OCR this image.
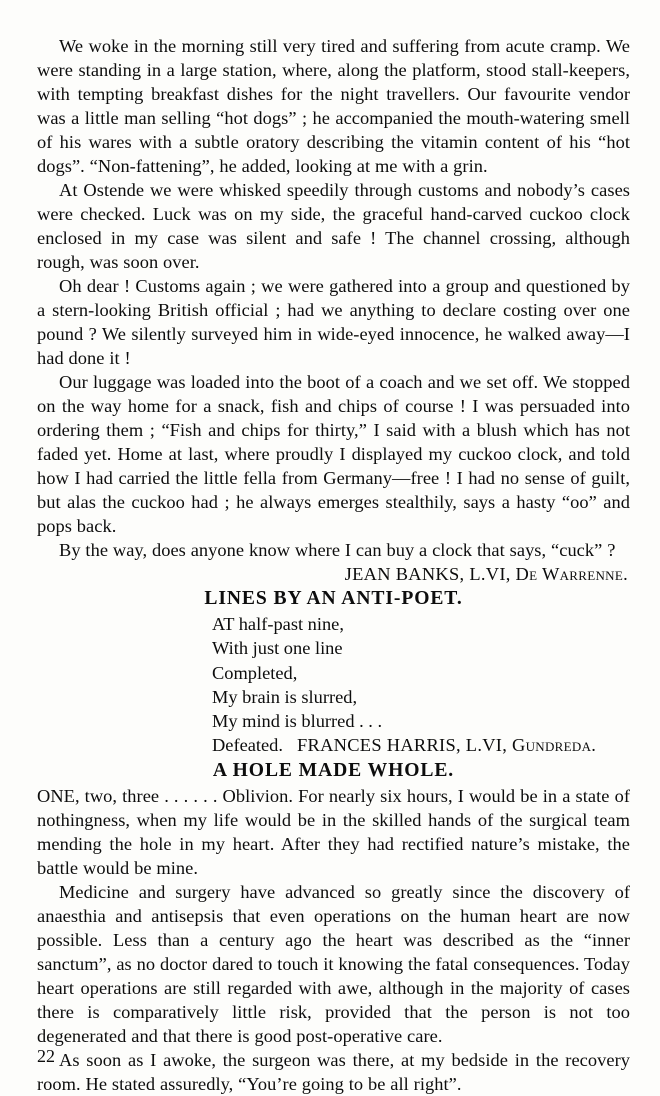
We woke in the morning still very tired and suffering from acute cramp. We were standing in a large station, where, along the platform, stood stall-keepers, with tempting breakfast dishes for the night travellers. Our favourite vendor was a little man selling “hot dogs” ; he accompanied the mouth-watering smell of his wares with a subtle oratory describing the vitamin content of his “hot dogs”. “Non-fattening”, he added, looking at me with a grin.

At Ostende we were whisked speedily through customs and nobody’s cases were checked. Luck was on my side, the graceful hand-carved cuckoo clock enclosed in my case was silent and safe ! The channel crossing, although rough, was soon over.

Oh dear ! Customs again ; we were gathered into a group and questioned by a stern-looking British official ; had we anything to declare costing over one pound ? We silently surveyed him in wide-eyed innocence, he walked away—I had done it !

Our luggage was loaded into the boot of a coach and we set off. We stopped on the way home for a snack, fish and chips of course ! I was persuaded into ordering them ; “Fish and chips for thirty,” I said with a blush which has not faded yet. Home at last, where proudly I displayed my cuckoo clock, and told how I had carried the little fella from Germany—free ! I had no sense of guilt, but alas the cuckoo had ; he always emerges stealthily, says a hasty “oo” and pops back.

By the way, does anyone know where I can buy a clock that says, “cuck” ?

JEAN BANKS, L.VI, De Warrenne.

LINES BY AN ANTI-POET.
AT half-past nine,
With just one line
Completed,
My brain is slurred,
My mind is blurred . . .
Defeated. FRANCES HARRIS, L.VI, Gundreda.
A HOLE MADE WHOLE.

ONE, two, three . . . . . . Oblivion. For nearly six hours, I would be in a state of nothingness, when my life would be in the skilled hands of the surgical team mending the hole in my heart. After they had rectified nature’s mistake, the battle would be mine.

Medicine and surgery have advanced so greatly since the discovery of anaesthia and antisepsis that even operations on the human heart are now possible. Less than a century ago the heart was described as the “inner sanctum”, as no doctor dared to touch it knowing the fatal consequences. Today heart operations are still regarded with awe, although in the majority of cases there is comparatively little risk, provided that the person is not too degenerated and that there is good post-operative care.

As soon as I awoke, the surgeon was there, at my bedside in the recovery room. He stated assuredly, “You’re going to be all right”.

22
